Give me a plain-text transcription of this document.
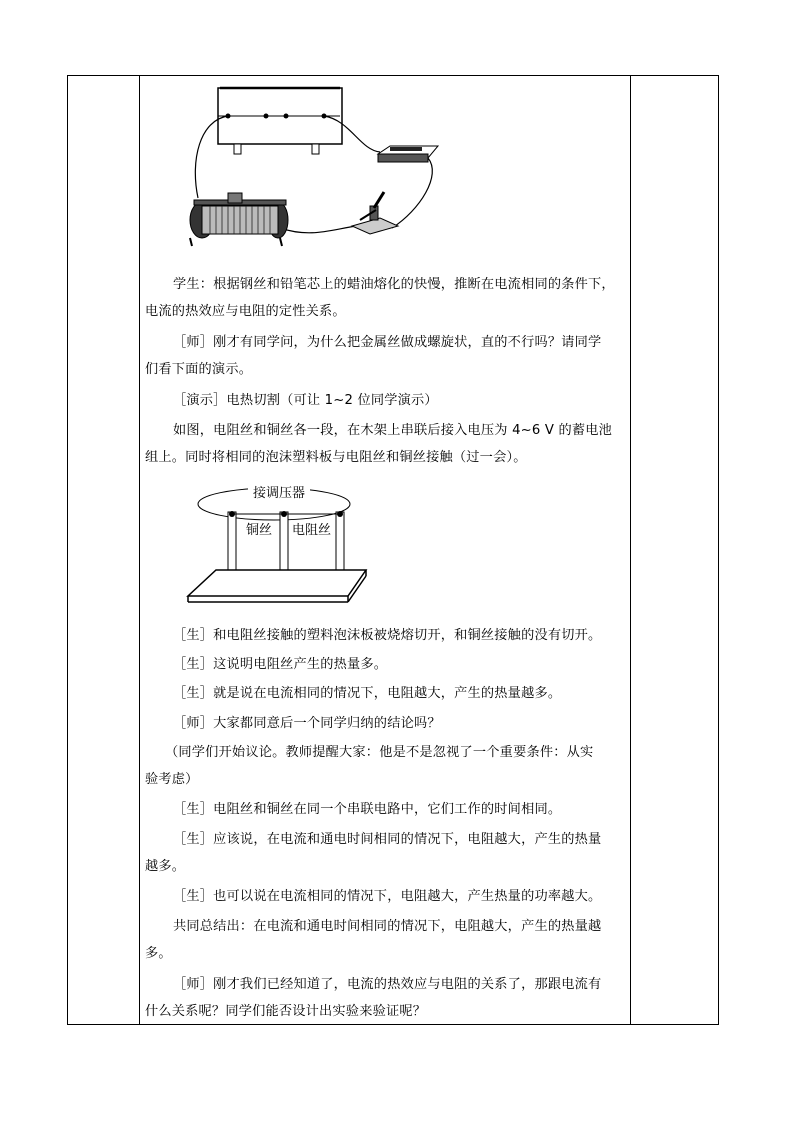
学生：根据钢丝和铅笔芯上的蜡油熔化的快慢，推断在电流相同的条件下，
电流的热效应与电阻的定性关系。
［师］刚才有同学问，为什么把金属丝做成螺旋状，直的不行吗？请同学
们看下面的演示。
［演示］电热切割（可让 1~2 位同学演示）
如图，电阻丝和铜丝各一段，在木架上串联后接入电压为 4~6 V 的蓄电池
组上。同时将相同的泡沫塑料板与电阻丝和铜丝接触（过一会）。
接调压器
铜丝 电阻丝
［生］和电阻丝接触的塑料泡沫板被烧熔切开，和铜丝接触的没有切开。
［生］这说明电阻丝产生的热量多。
［生］就是说在电流相同的情况下，电阻越大，产生的热量越多。
［师］大家都同意后一个同学归纳的结论吗？
（同学们开始议论。教师提醒大家：他是不是忽视了一个重要条件：从实
验考虑）
［生］电阻丝和铜丝在同一个串联电路中，它们工作的时间相同。
［生］应该说，在电流和通电时间相同的情况下，电阻越大，产生的热量
越多。
［生］也可以说在电流相同的情况下，电阻越大，产生热量的功率越大。
共同总结出：在电流和通电时间相同的情况下，电阻越大，产生的热量越
多。
［师］刚才我们已经知道了，电流的热效应与电阻的关系了，那跟电流有
什么关系呢？同学们能否设计出实验来验证呢？
